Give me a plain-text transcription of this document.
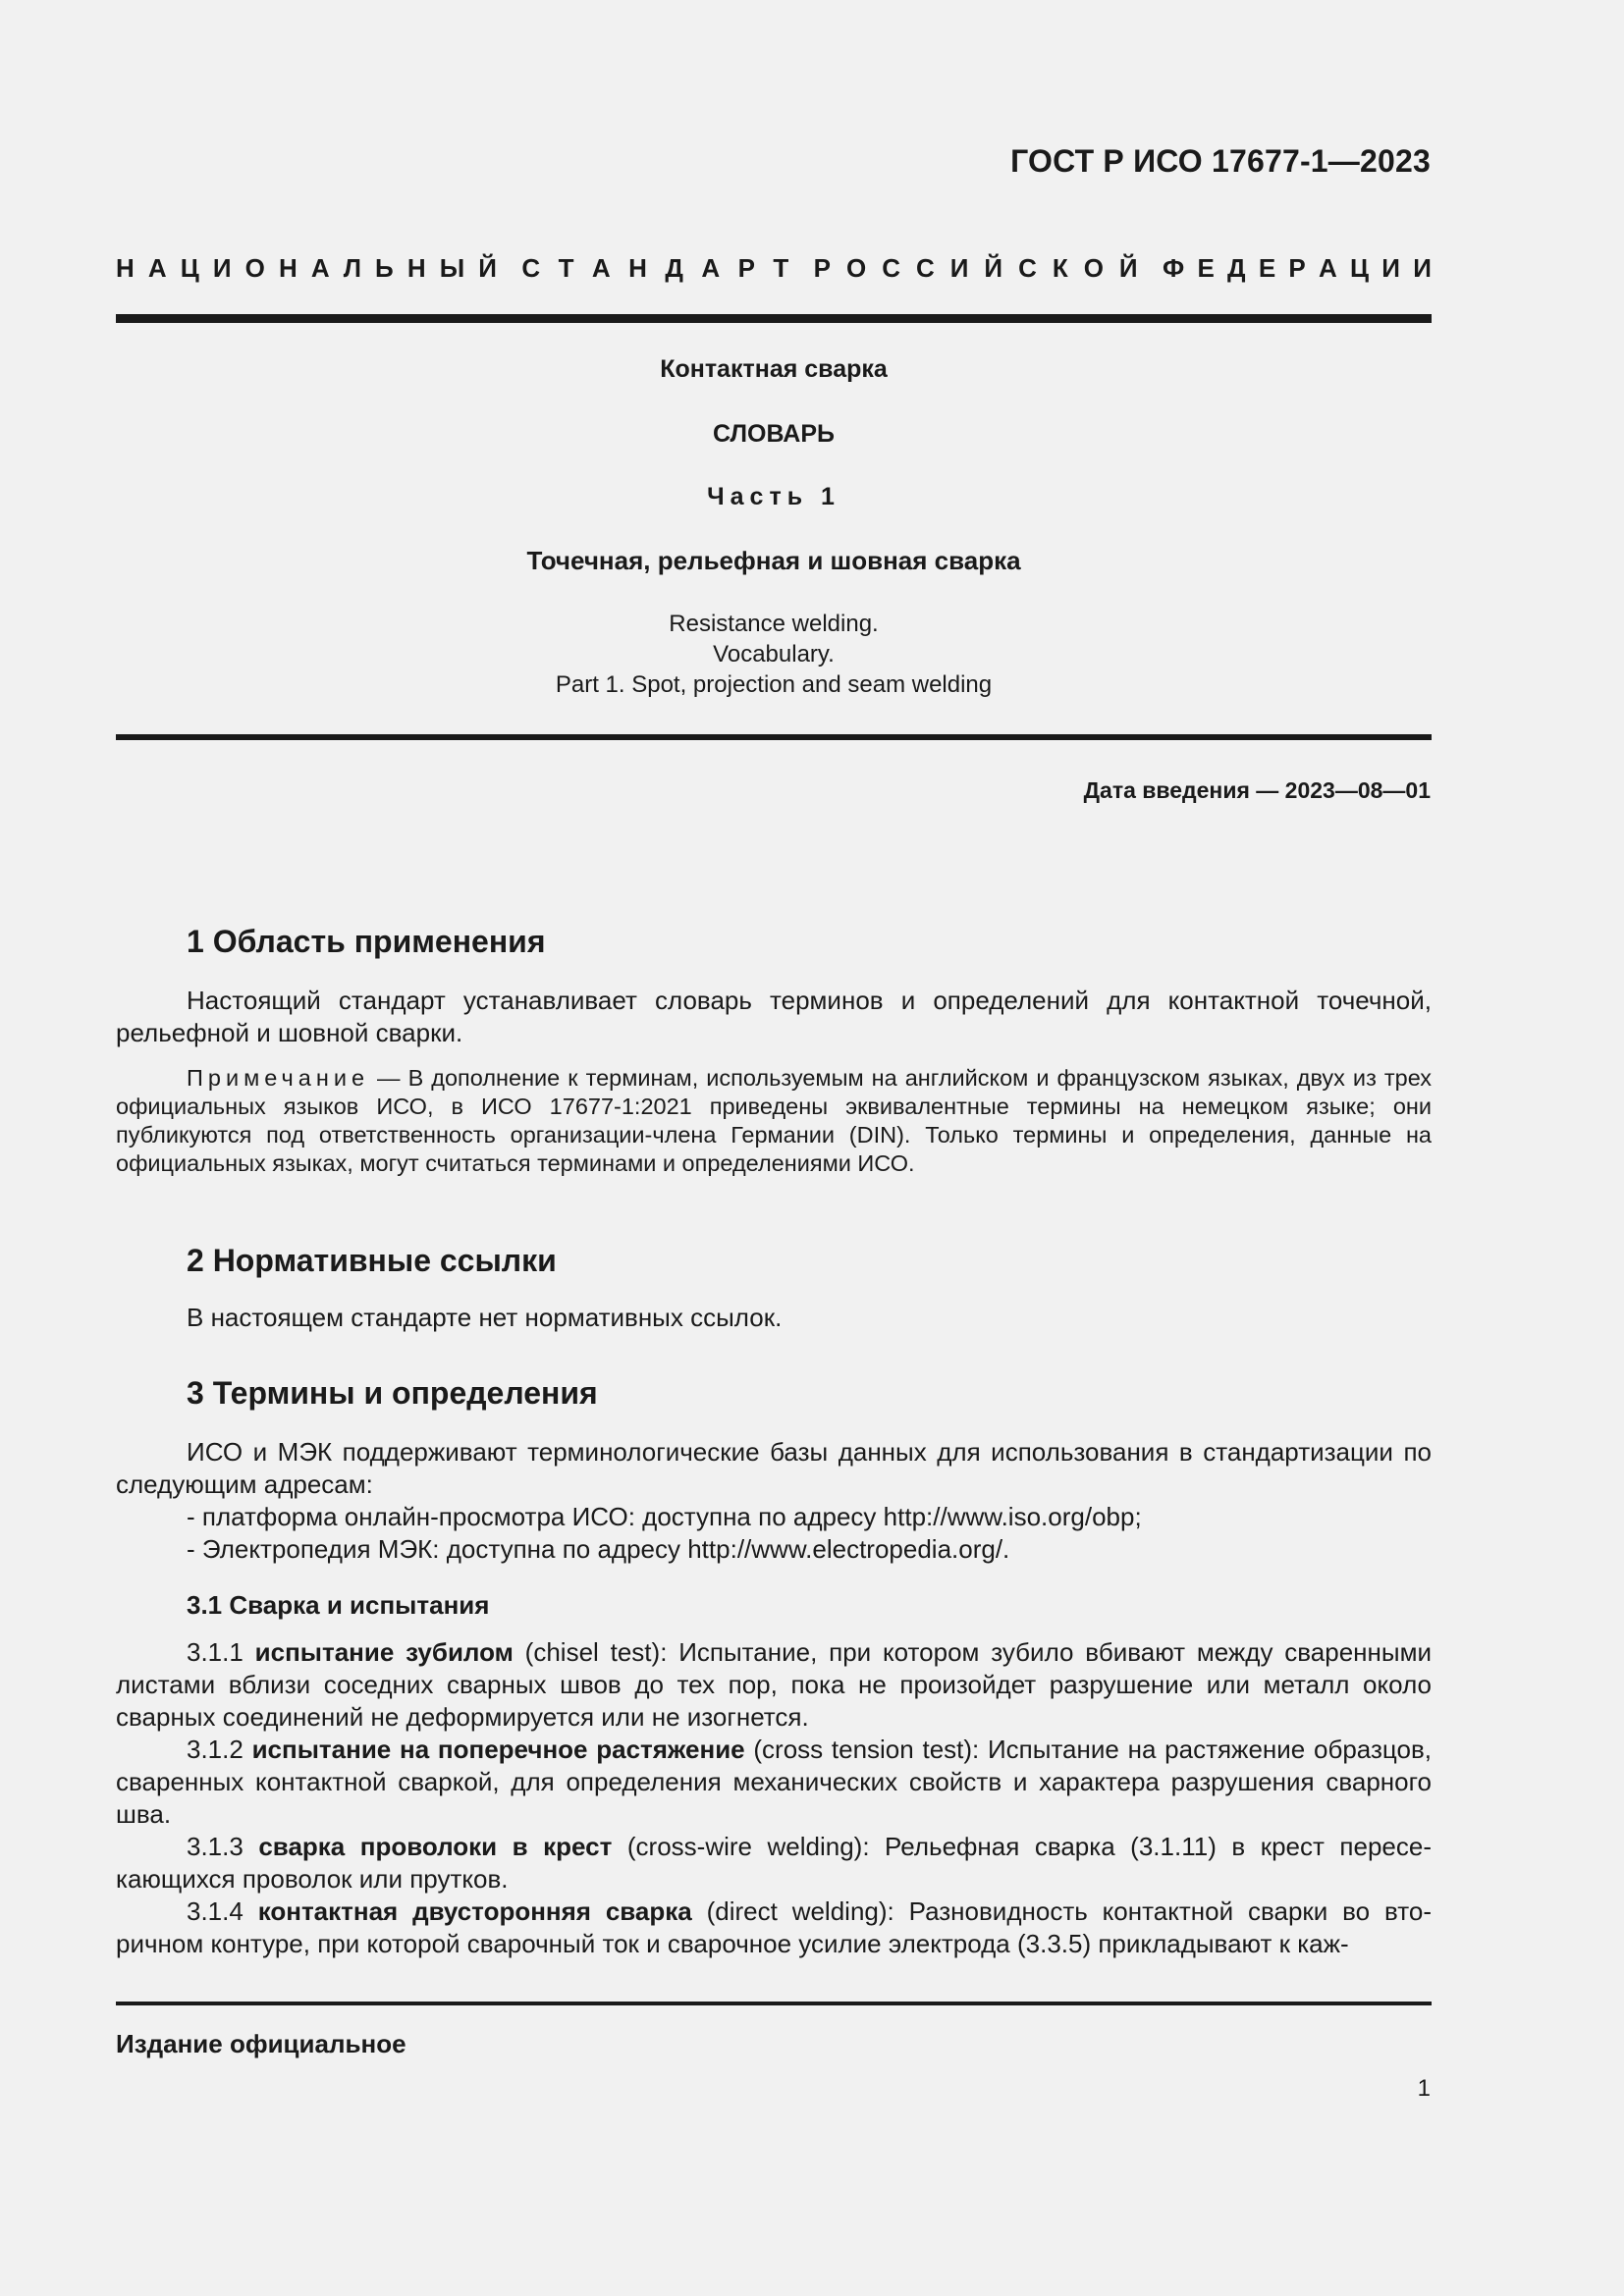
ГОСТ Р ИСО 17677-1—2023
Н А Ц И О Н А Л Ь Н Ы Й С Т А Н Д А Р Т Р О С С И Й С К О Й Ф Е Д Е Р А Ц И И
Контактная сварка
СЛОВАРЬ
Часть 1
Точечная, рельефная и шовная сварка
Resistance welding.
Vocabulary.
Part 1. Spot, projection and seam welding
Дата введения — 2023—08—01
1 Область применения

Настоящий стандарт устанавливает словарь терминов и определений для контактной точечной, рельефной и шовной сварки.

Примечание — В дополнение к терминам, используемым на английском и французском языках, двух из трех официальных языков ИСО, в ИСО 17677-1:2021 приведены эквивалентные термины на немецком языке; они публикуются под ответственность организации-члена Германии (DIN). Только термины и определения, данные на официальных языках, могут считаться терминами и определениями ИСО.

2 Нормативные ссылки

В настоящем стандарте нет нормативных ссылок.

3 Термины и определения

ИСО и МЭК поддерживают терминологические базы данных для использования в стандартизации по следующим адресам:

- платформа онлайн-просмотра ИСО: доступна по адресу http://www.iso.org/obp;
- Электропедия МЭК: доступна по адресу http://www.electropedia.org/.
3.1 Сварка и испытания

3.1.1 испытание зубилом (chisel test): Испытание, при котором зубило вбивают между сваренными листами вблизи соседних сварных швов до тех пор, пока не произойдет разрушение или металл около сварных соединений не деформируется или не изогнется.

3.1.2 испытание на поперечное растяжение (cross tension test): Испытание на растяжение образцов, сваренных контактной сваркой, для определения механических свойств и характера разрушения сварного шва.

3.1.3 сварка проволоки в крест (cross-wire welding): Рельефная сварка (3.1.11) в крест пересекающихся проволок или прутков.

3.1.4 контактная двусторонняя сварка (direct welding): Разновидность контактной сварки во вторичном контуре, при которой сварочный ток и сварочное усилие электрода (3.3.5) прикладывают к каж-

Издание официальное
1
